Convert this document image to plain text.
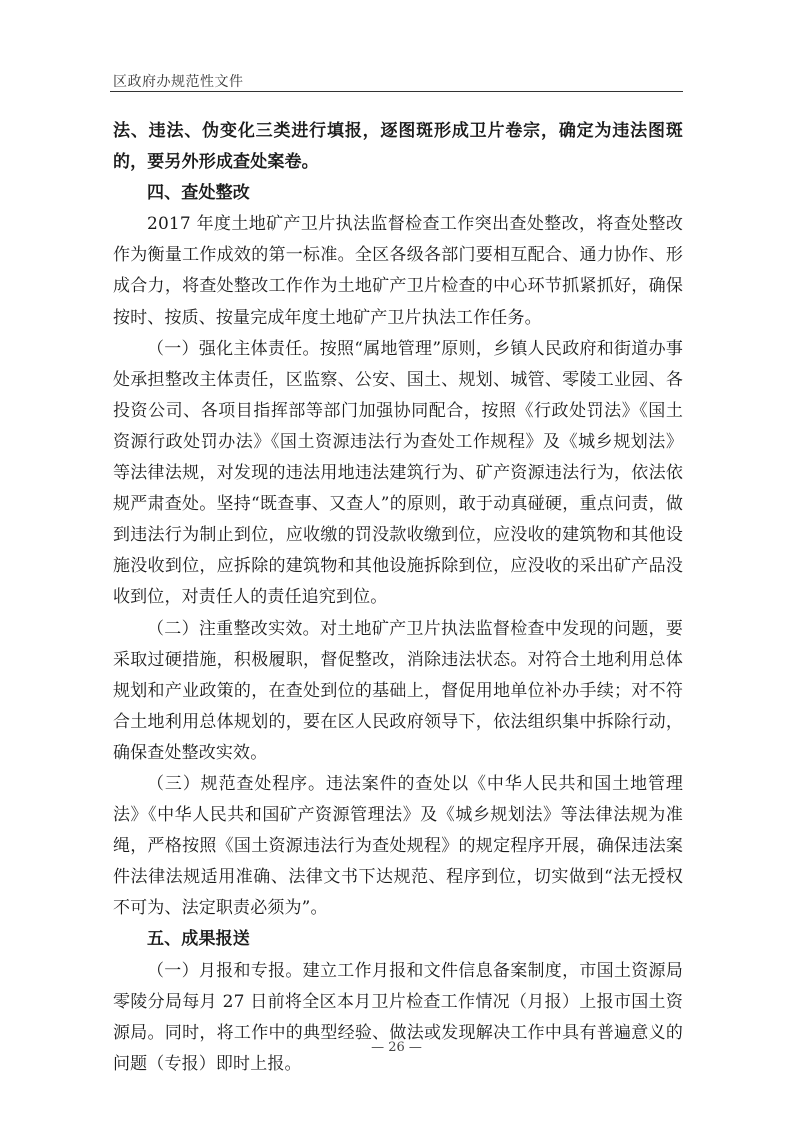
区政府办规范性文件

法、违法、伪变化三类进行填报，逐图斑形成卫片卷宗，确定为违法图斑的，要另外形成查处案卷。

四、查处整改

2017 年度土地矿产卫片执法监督检查工作突出查处整改，将查处整改作为衡量工作成效的第一标准。全区各级各部门要相互配合、通力协作、形成合力，将查处整改工作作为土地矿产卫片检查的中心环节抓紧抓好，确保按时、按质、按量完成年度土地矿产卫片执法工作任务。

（一）强化主体责任。按照“属地管理”原则，乡镇人民政府和街道办事处承担整改主体责任，区监察、公安、国土、规划、城管、零陵工业园、各投资公司、各项目指挥部等部门加强协同配合，按照《行政处罚法》《国土资源行政处罚办法》《国土资源违法行为查处工作规程》及《城乡规划法》等法律法规，对发现的违法用地违法建筑行为、矿产资源违法行为，依法依规严肃查处。坚持“既查事、又查人”的原则，敢于动真碰硬，重点问责，做到违法行为制止到位，应收缴的罚没款收缴到位，应没收的建筑物和其他设施没收到位，应拆除的建筑物和其他设施拆除到位，应没收的采出矿产品没收到位，对责任人的责任追究到位。

（二）注重整改实效。对土地矿产卫片执法监督检查中发现的问题，要采取过硬措施，积极履职，督促整改，消除违法状态。对符合土地利用总体规划和产业政策的，在查处到位的基础上，督促用地单位补办手续；对不符合土地利用总体规划的，要在区人民政府领导下，依法组织集中拆除行动，确保查处整改实效。

（三）规范查处程序。违法案件的查处以《中华人民共和国土地管理法》《中华人民共和国矿产资源管理法》及《城乡规划法》等法律法规为准绳，严格按照《国土资源违法行为查处规程》的规定程序开展，确保违法案件法律法规适用准确、法律文书下达规范、程序到位，切实做到“法无授权不可为、法定职责必须为”。

五、成果报送

（一）月报和专报。建立工作月报和文件信息备案制度，市国土资源局零陵分局每月 27 日前将全区本月卫片检查工作情况（月报）上报市国土资源局。同时，将工作中的典型经验、做法或发现解决工作中具有普遍意义的问题（专报）即时上报。

— 26 —
